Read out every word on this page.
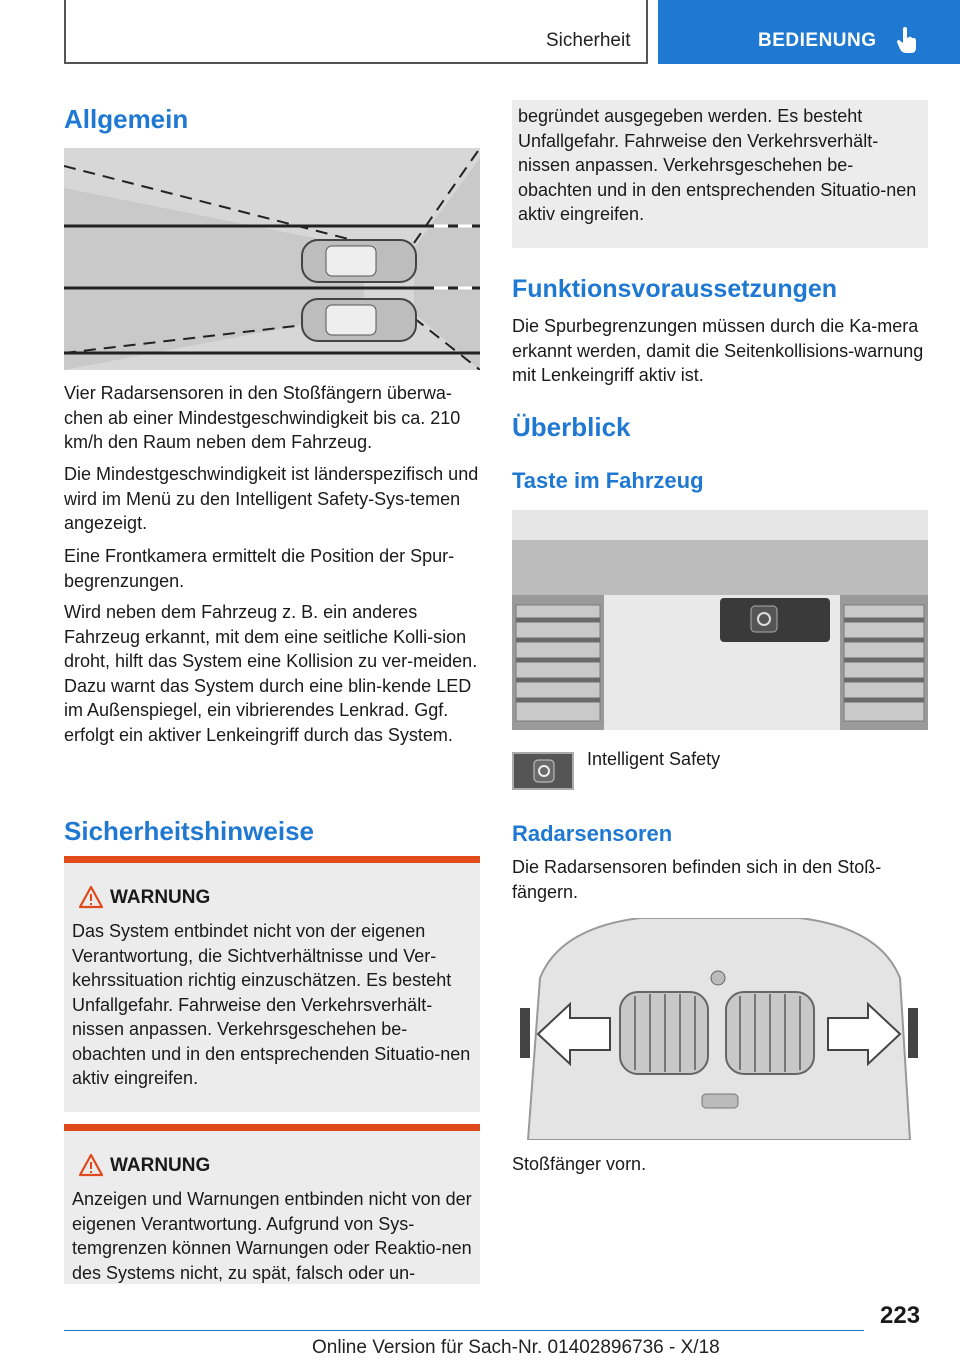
Sicherheit	BEDIENUNG
Allgemein
Vier Radarsensoren in den Stoßfängern überwa-chen ab einer Mindestgeschwindigkeit bis ca. 210 km/h den Raum neben dem Fahrzeug.
Die Mindestgeschwindigkeit ist länderspezifisch und wird im Menü zu den Intelligent Safety-Sys-temen angezeigt.
Eine Frontkamera ermittelt die Position der Spur-begrenzungen.
Wird neben dem Fahrzeug z. B. ein anderes Fahrzeug erkannt, mit dem eine seitliche Kolli-sion droht, hilft das System eine Kollision zu ver-meiden. Dazu warnt das System durch eine blin-kende LED im Außenspiegel, ein vibrierendes Lenkrad. Ggf. erfolgt ein aktiver Lenkeingriff durch das System.
Sicherheitshinweise
WARNUNG
Das System entbindet nicht von der eigenen Verantwortung, die Sichtverhältnisse und Ver-kehrssituation richtig einzuschätzen. Es besteht Unfallgefahr. Fahrweise den Verkehrsverhält-nissen anpassen. Verkehrsgeschehen be-obachten und in den entsprechenden Situatio-nen aktiv eingreifen.
WARNUNG
Anzeigen und Warnungen entbinden nicht von der eigenen Verantwortung. Aufgrund von Sys-temgrenzen können Warnungen oder Reaktio-nen des Systems nicht, zu spät, falsch oder un-
begründet ausgegeben werden. Es besteht Unfallgefahr. Fahrweise den Verkehrsverhält-nissen anpassen. Verkehrsgeschehen be-obachten und in den entsprechenden Situatio-nen aktiv eingreifen.
Funktionsvoraussetzungen
Die Spurbegrenzungen müssen durch die Ka-mera erkannt werden, damit die Seitenkollisions-warnung mit Lenkeingriff aktiv ist.
Überblick
Taste im Fahrzeug
Intelligent Safety
Radarsensoren
Die Radarsensoren befinden sich in den Stoß-fängern.
Stoßfänger vorn.
223
Online Version für Sach-Nr. 01402896736 - X/18
